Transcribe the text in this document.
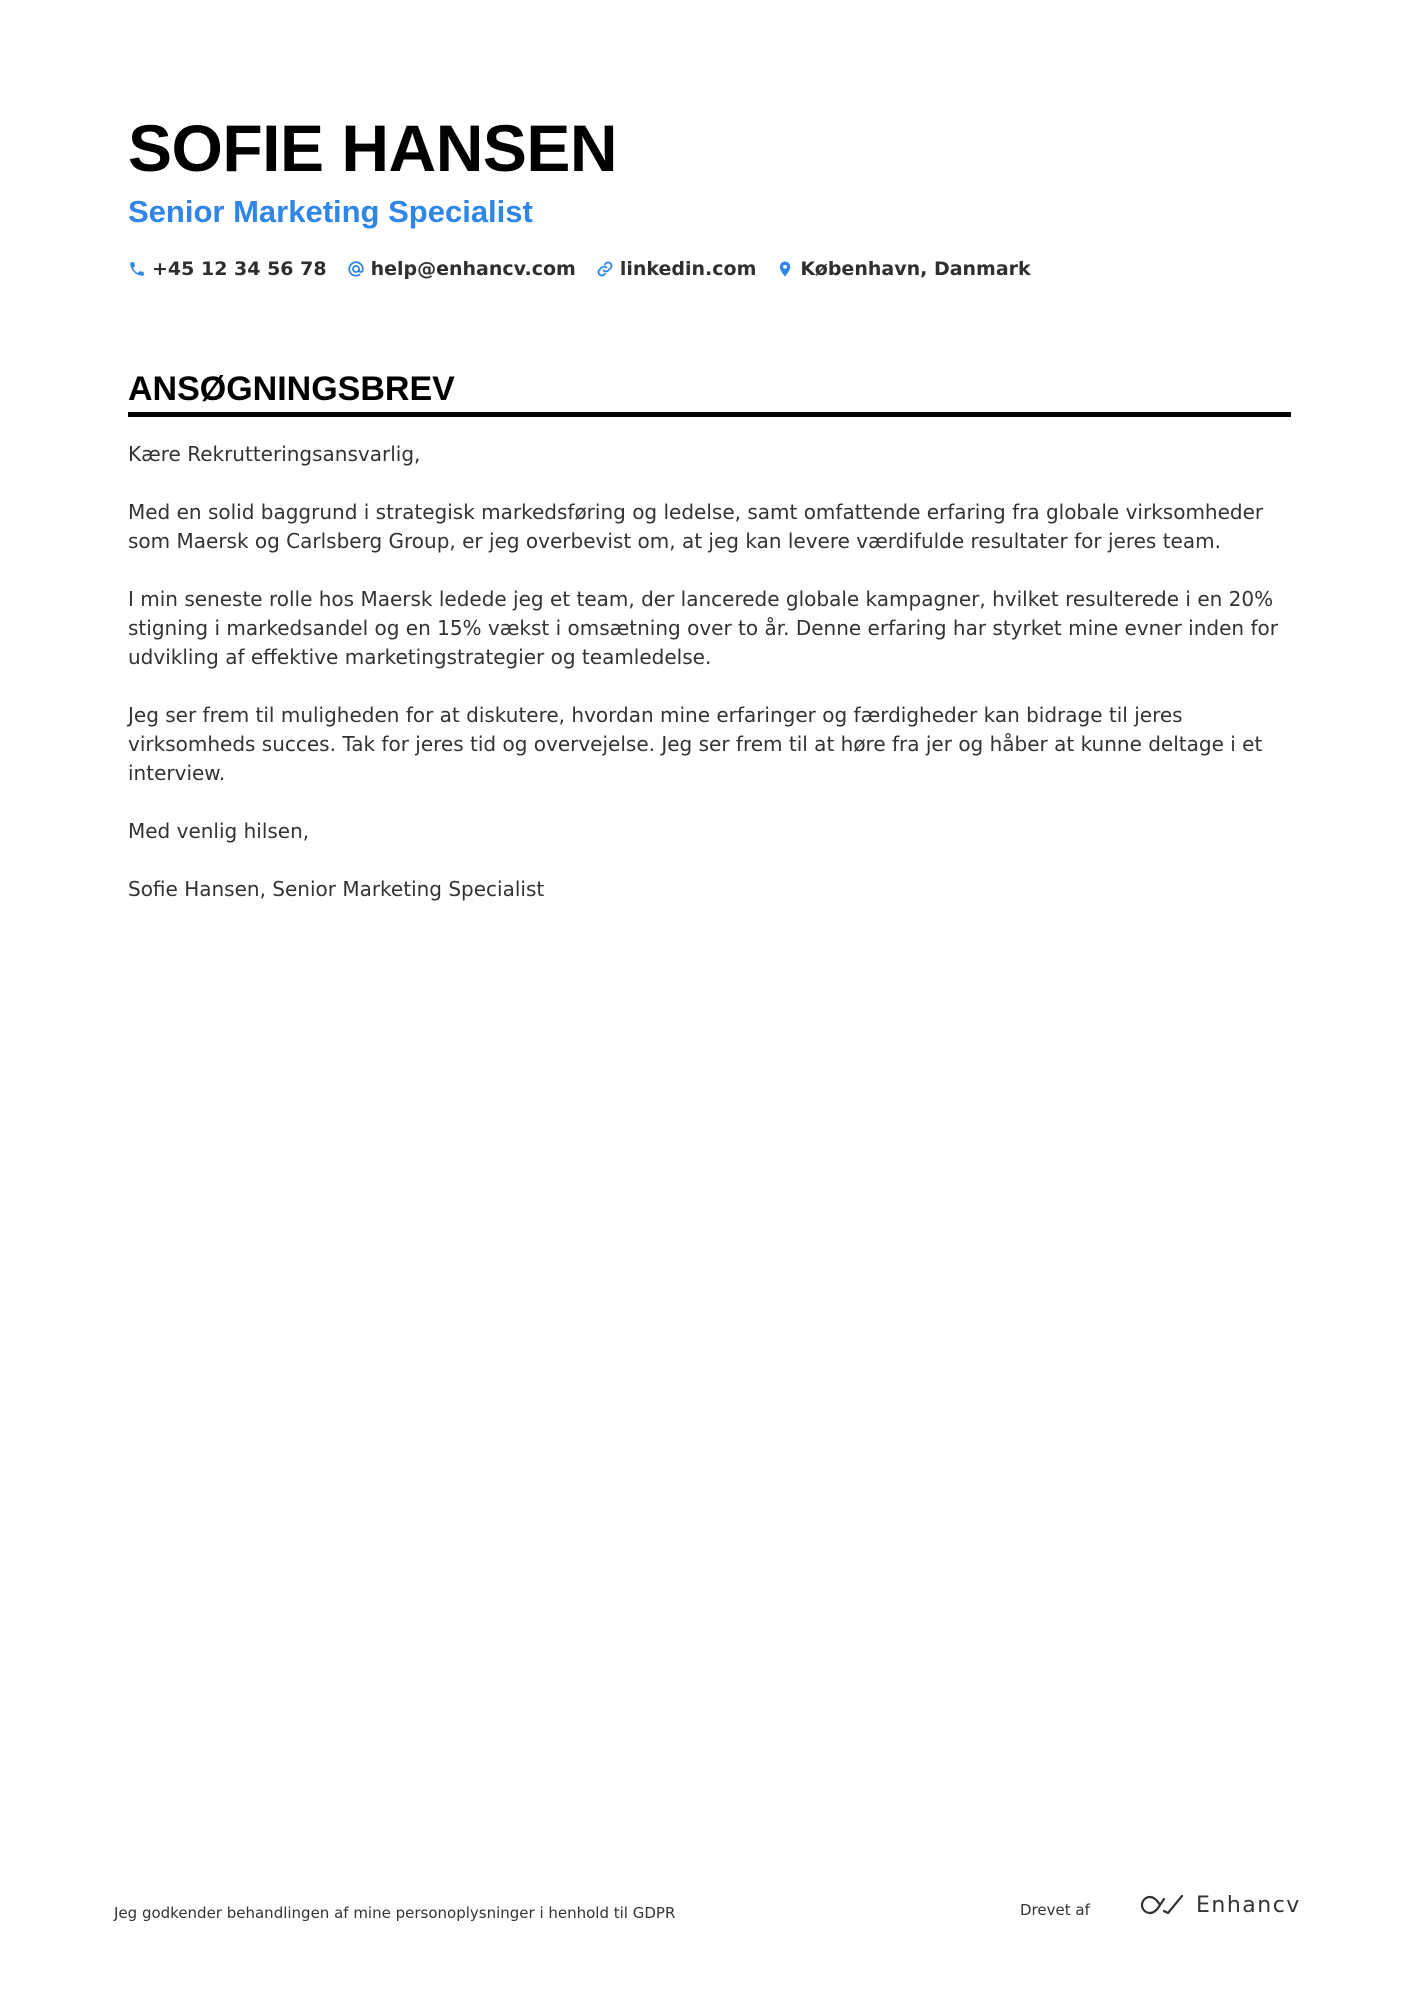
SOFIE HANSEN
Senior Marketing Specialist
+45 12 34 56 78 help@enhancv.com linkedin.com København, Danmark
ANSØGNINGSBREV

Kære Rekrutteringsansvarlig,

Med en solid baggrund i strategisk markedsføring og ledelse, samt omfattende erfaring fra globale virksomheder som Maersk og Carlsberg Group, er jeg overbevist om, at jeg kan levere værdifulde resultater for jeres team.

I min seneste rolle hos Maersk ledede jeg et team, der lancerede globale kampagner, hvilket resulterede i en 20% stigning i markedsandel og en 15% vækst i omsætning over to år. Denne erfaring har styrket mine evner inden for udvikling af effektive marketingstrategier og teamledelse.

Jeg ser frem til muligheden for at diskutere, hvordan mine erfaringer og færdigheder kan bidrage til jeres virksomheds succes. Tak for jeres tid og overvejelse. Jeg ser frem til at høre fra jer og håber at kunne deltage i et interview.

Med venlig hilsen,

Sofie Hansen, Senior Marketing Specialist

Jeg godkender behandlingen af mine personoplysninger i henhold til GDPR	Drevet af	Enhancv
